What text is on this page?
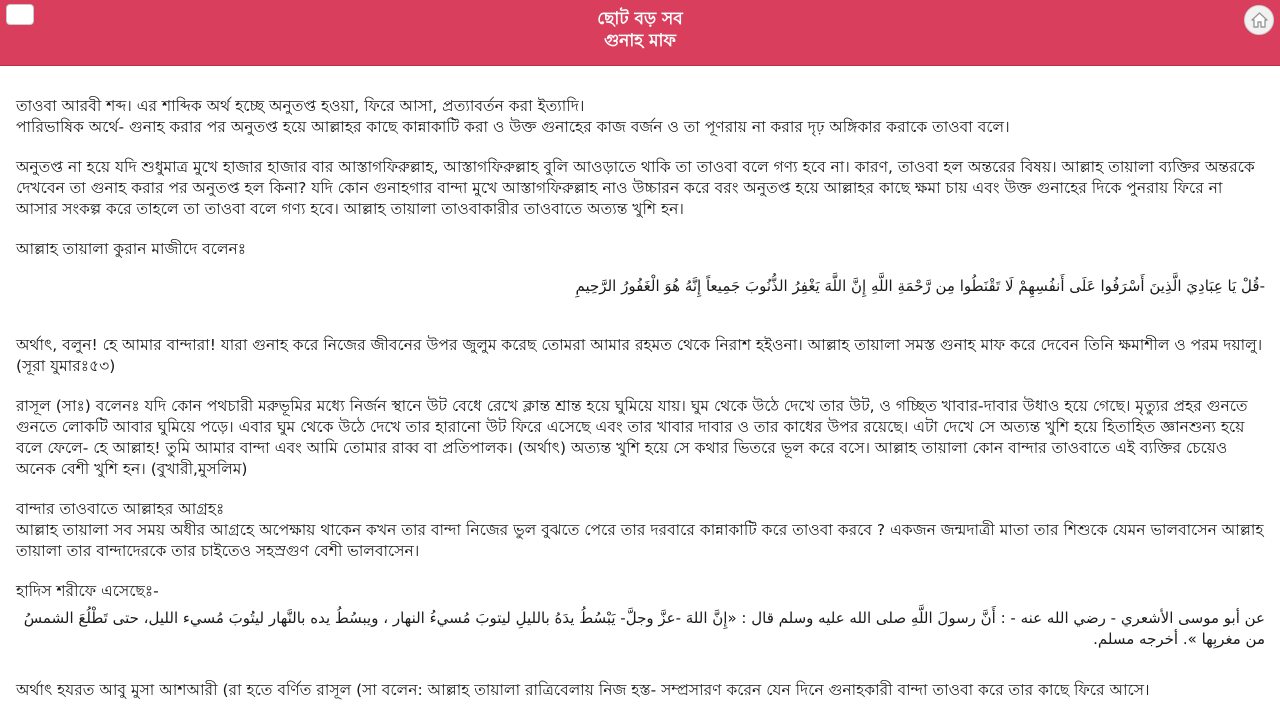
ছোট বড় সব
গুনাহ মাফ

তাওবা আরবী শব্দ। এর শাব্দিক অর্থ হচ্ছে অনুতপ্ত হওয়া, ফিরে আসা, প্রত্যাবর্তন করা ইত্যাদি।
পারিভাষিক অর্থে- গুনাহ করার পর অনুতপ্ত হয়ে আল্লাহর কাছে কান্নাকাটি করা ও উক্ত গুনাহের কাজ বর্জন ও তা পূণরায় না করার দৃঢ় অঙ্গিকার করাকে তাওবা বলে।

অনুতপ্ত না হয়ে যদি শুধুমাত্র মুখে হাজার হাজার বার আস্তাগফিরুল্লাহ, আস্তাগফিরুল্লাহ বুলি আওড়াতে থাকি তা তাওবা বলে গণ্য হবে না। কারণ, তাওবা হল অন্তরের বিষয়। আল্লাহ তায়ালা ব্যক্তির অন্তরকে দেখবেন তা গুনাহ করার পর অনুতপ্ত হল কিনা? যদি কোন গুনাহগার বান্দা মুখে আস্তাগফিরুল্লাহ নাও উচ্চারন করে বরং অনুতপ্ত হয়ে আল্লাহর কাছে ক্ষমা চায় এবং উক্ত গুনাহের দিকে পুনরায় ফিরে না আসার সংকল্প করে তাহলে তা তাওবা বলে গণ্য হবে। আল্লাহ তায়ালা তাওবাকারীর তাওবাতে অত্যন্ত খুশি হন।

আল্লাহ তায়ালা কুরান মাজীদে বলেনঃ

-قُلْ يَا عِبَادِيَ الَّذِينَ أَسْرَفُوا عَلَى أَنفُسِهِمْ لَا تَقْنَطُوا مِن رَّحْمَةِ اللَّهِ إِنَّ اللَّهَ يَغْفِرُ الذُّنُوبَ جَمِيعاً إِنَّهُ هُوَ الْغَفُورُ الرَّحِيمِ

অর্থাৎ, বলুন! হে আমার বান্দারা! যারা গুনাহ করে নিজের জীবনের উপর জুলুম করেছ তোমরা আমার রহমত থেকে নিরাশ হইওনা। আল্লাহ তায়ালা সমস্ত গুনাহ মাফ করে দেবেন তিনি ক্ষমাশীল ও পরম দয়ালু। (সূরা যুমারঃ৫৩)

রাসূল (সাঃ) বলেনঃ যদি কোন পথচারী মরুভূমির মধ্যে নির্জন স্থানে উট বেধে রেখে ক্লান্ত শ্রান্ত হয়ে ঘুমিয়ে যায়। ঘুম থেকে উঠে দেখে তার উট, ও গচ্ছিত খাবার-দাবার উধাও হয়ে গেছে। মৃত্যুর প্রহর গুনতে গুনতে লোকটি আবার ঘুমিয়ে পড়ে। এবার ঘুম থেকে উঠে দেখে তার হারানো উট ফিরে এসেছে এবং তার খাবার দাবার ও তার কাধের উপর রয়েছে। এটা দেখে সে অত্যন্ত খুশি হয়ে হিতাহিত জ্ঞানশুন্য হয়ে বলে ফেলে- হে আল্লাহ! তুমি আমার বান্দা এবং আমি তোমার রাব্ব বা প্রতিপালক। (অর্থাৎ) অত্যন্ত খুশি হয়ে সে কথার ভিতরে ভূল করে বসে। আল্লাহ তায়ালা কোন বান্দার তাওবাতে এই ব্যক্তির চেয়েও অনেক বেশী খুশি হন। (বুখারী,মুসলিম)

বান্দার তাওবাতে আল্লাহর আগ্রহঃ
আল্লাহ তায়ালা সব সময় অধীর আগ্রহে অপেক্ষায় থাকেন কখন তার বান্দা নিজের ভুল বুঝতে পেরে তার দরবারে কান্নাকাটি করে তাওবা করবে ? একজন জন্মদাত্রী মাতা তার শিশুকে যেমন ভালবাসেন আল্লাহ তায়ালা তার বান্দাদেরকে তার চাইতেও সহস্রগুণ বেশী ভালবাসেন।

হাদিস শরীফে এসেছেঃ-

عن أبو موسى الأشعري - رضي الله عنه - : أَنَّ رسولَ اللَّهِ صلى الله عليه وسلم قال : «إِنَّ اللهَ -عزَّ وجلَّ- يَبْسُطُ يدَهُ بالليلِ ليتوبَ مُسيءُ النهار ، ويبسُطُ يده بالنَّهار ليتُوبَ مُسيء الليل، حتى تَطْلُعَ الشمسُ من مغربِها ». أخرجه مسلم.

অর্থাৎ হযরত আবু মুসা আশআরী (রা হতে বর্ণিত রাসূল (সা বলেন: আল্লাহ তায়ালা রাত্রিবেলায় নিজ হস্ত- সম্প্রসারণ করেন যেন দিনে গুনাহকারী বান্দা তাওবা করে তার কাছে ফিরে আসে।
